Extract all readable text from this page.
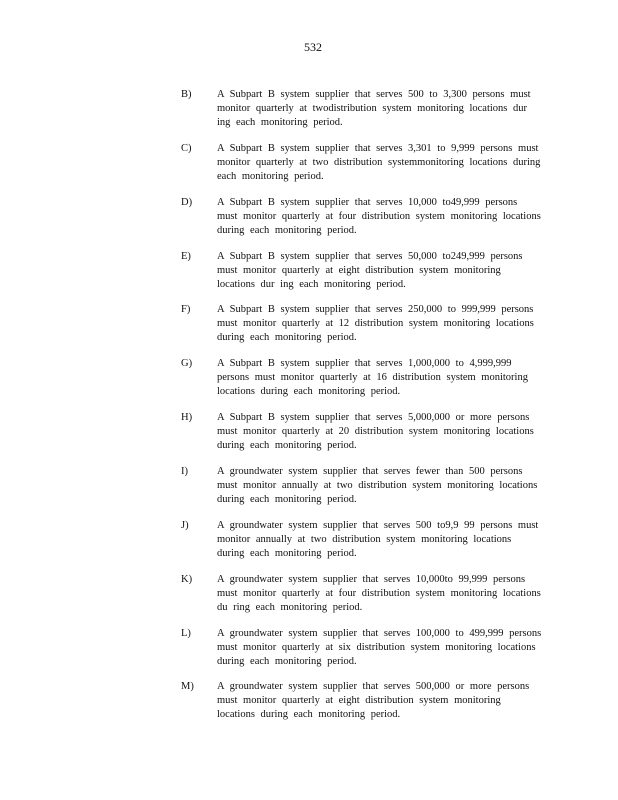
532
B) A Subpart B system supplier that serves 500 to 3,300 persons must monitor quarterly at twodistribution system monitoring locations dur ing each monitoring period.
C) A Subpart B system supplier that serves 3,301 to 9,999 persons must monitor quarterly at two distribution systemmonitoring locations during each monitoring period.
D) A Subpart B system supplier that serves 10,000 to49,999 persons must monitor quarterly at four distribution system monitoring locations during each monitoring period.
E) A Subpart B system supplier that serves 50,000 to249,999 persons must monitor quarterly at eight distribution system monitoring locations dur ing each monitoring period.
F)	A Subpart B system supplier that serves 250,000 to 999,999 persons must monitor quarterly at 12 distribution system monitoring locations during each monitoring period.
G) A Subpart B system supplier that serves 1,000,000 to 4,999,999 persons must monitor quarterly at 16 distribution system monitoring locations during each monitoring period.
H) A Subpart B system supplier that serves 5,000,000 or more persons must monitor quarterly at 20 distribution system monitoring locations during each monitoring period.
I)	A groundwater system supplier that serves fewer than 500 persons must monitor annually at two distribution system monitoring locations during each monitoring period.
J)	A groundwater system supplier that serves 500 to9,9 99 persons must monitor annually at two distribution system monitoring locations during each monitoring period.
K) A groundwater system supplier that serves 10,000to 99,999 persons must monitor quarterly at four distribution system monitoring locations du ring each monitoring period.
L) A groundwater system supplier that serves 100,000 to 499,999 persons must monitor quarterly at six distribution system monitoring locations during each monitoring period.
M) A groundwater system supplier that serves 500,000 or more persons must monitor quarterly at eight distribution system monitoring locations during each monitoring period.
